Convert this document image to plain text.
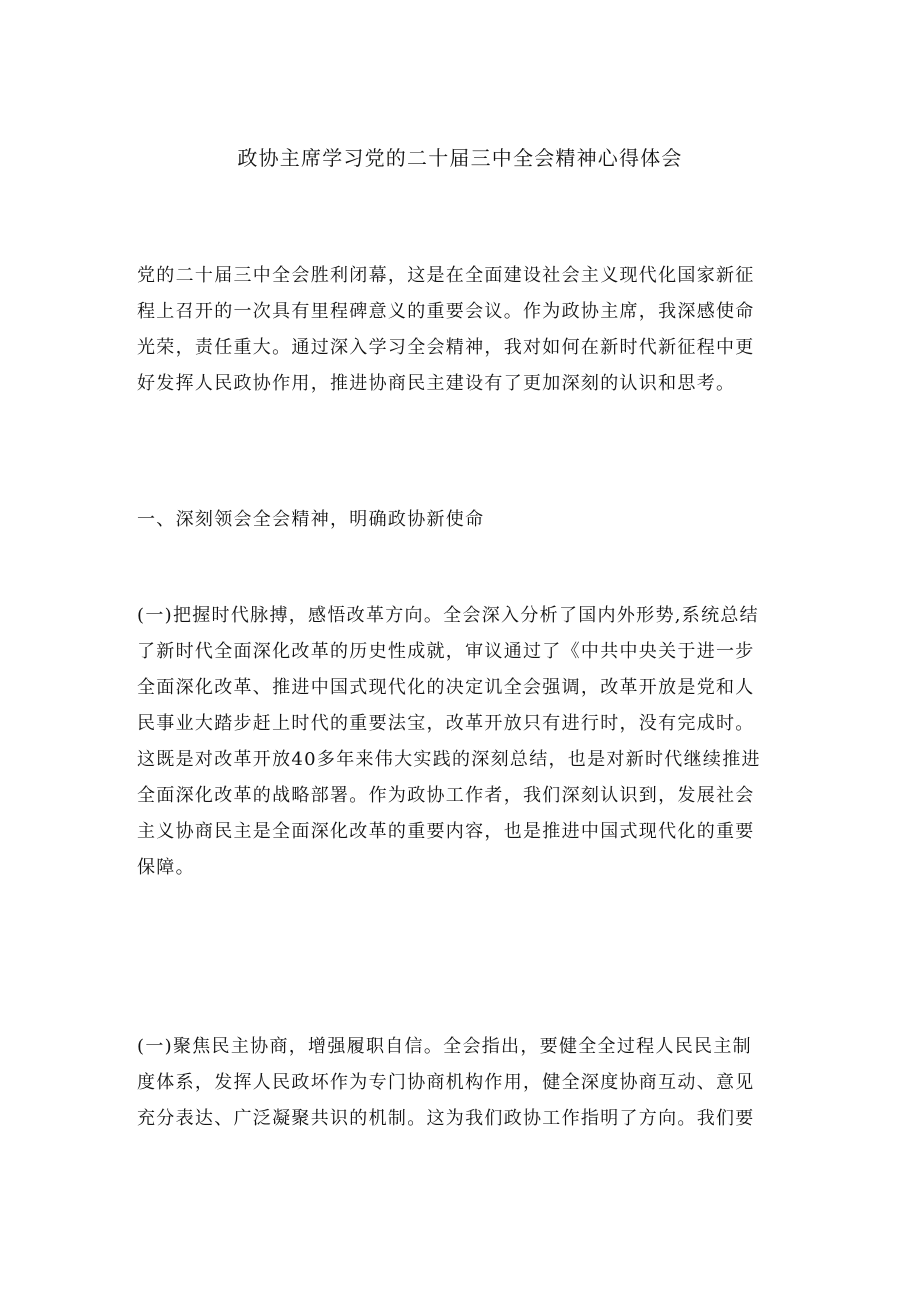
政协主席学习党的二十届三中全会精神心得体会
党的二十届三中全会胜利闭幕，这是在全面建设社会主义现代化国家新征
程上召开的一次具有里程碑意义的重要会议。作为政协主席，我深感使命
光荣，责任重大。通过深入学习全会精神，我对如何在新时代新征程中更
好发挥人民政协作用，推进协商民主建设有了更加深刻的认识和思考。
一、深刻领会全会精神，明确政协新使命
(一)把握时代脉搏，感悟改革方向。全会深入分析了国内外形势,系统总结
了新时代全面深化改革的历史性成就，审议通过了《中共中央关于进一步
全面深化改革、推进中国式现代化的决定讥全会强调，改革开放是党和人
民事业大踏步赶上时代的重要法宝，改革开放只有进行时，没有完成时。
这既是对改革开放40多年来伟大实践的深刻总结，也是对新时代继续推进
全面深化改革的战略部署。作为政协工作者，我们深刻认识到，发展社会
主义协商民主是全面深化改革的重要内容，也是推进中国式现代化的重要
保障。
(一)聚焦民主协商，增强履职自信。全会指出，要健全全过程人民民主制
度体系，发挥人民政坏作为专门协商机构作用，健全深度协商互动、意见
充分表达、广泛凝聚共识的机制。这为我们政协工作指明了方向。我们要
